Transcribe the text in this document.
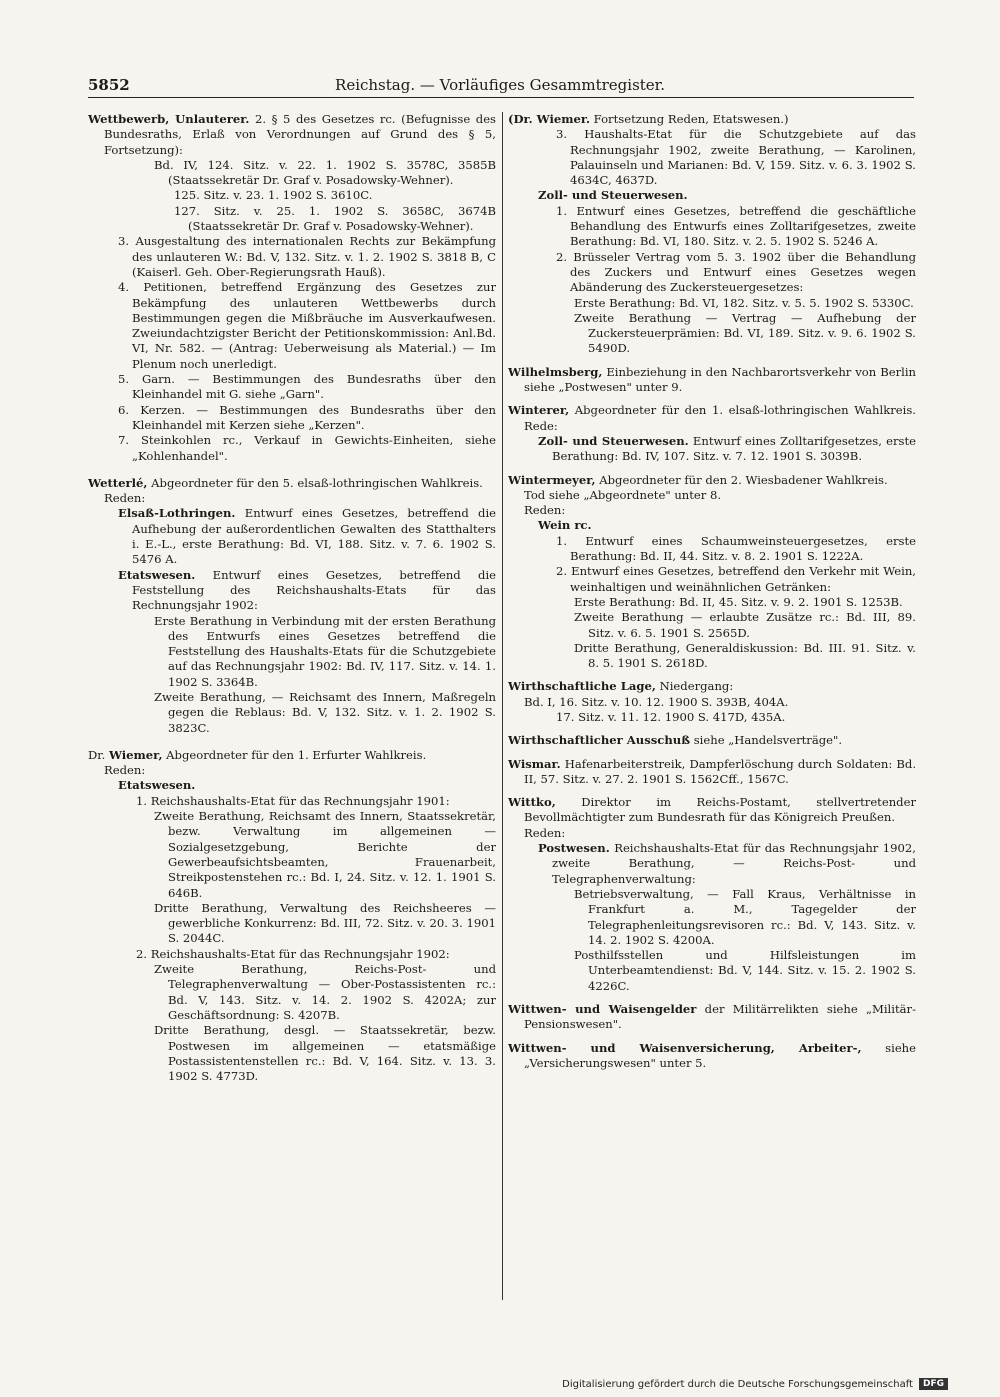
5852	Reichstag. — Vorläufiges Gesammtregister.
Wettbewerb, Unlauterer. 2. § 5 des Gesetzes rc. (Befugnisse des Bundesraths, Erlaß von Verordnungen auf Grund des § 5, Fortsetzung):

Bd. IV, 124. Sitz. v. 22. 1. 1902 S. 3578C, 3585B (Staatssekretär Dr. Graf v. Posadowsky-Wehner).

125. Sitz. v. 23. 1. 1902 S. 3610C.

127. Sitz. v. 25. 1. 1902 S. 3658C, 3674B (Staatssekretär Dr. Graf v. Posadowsky-Wehner).

3. Ausgestaltung des internationalen Rechts zur Bekämpfung des unlauteren W.: Bd. V, 132. Sitz. v. 1. 2. 1902 S. 3818 B, C (Kaiserl. Geh. Ober-Regierungsrath Hauß).

4. Petitionen, betreffend Ergänzung des Gesetzes zur Bekämpfung des unlauteren Wettbewerbs durch Bestimmungen gegen die Mißbräuche im Ausverkaufwesen. Zweiundachtzigster Bericht der Petitionskommission: Anl.Bd. VI, Nr. 582. — (Antrag: Ueberweisung als Material.) — Im Plenum noch unerledigt.

5. Garn. — Bestimmungen des Bundesraths über den Kleinhandel mit G. siehe „Garn".

6. Kerzen. — Bestimmungen des Bundesraths über den Kleinhandel mit Kerzen siehe „Kerzen".

7. Steinkohlen rc., Verkauf in Gewichts-Einheiten, siehe „Kohlenhandel".

Wetterlé, Abgeordneter für den 5. elsaß-lothringischen Wahlkreis.

Reden:

Elsaß-Lothringen. Entwurf eines Gesetzes, betreffend die Aufhebung der außerordentlichen Gewalten des Statthalters i. E.-L., erste Berathung: Bd. VI, 188. Sitz. v. 7. 6. 1902 S. 5476 A.

Etatswesen. Entwurf eines Gesetzes, betreffend die Feststellung des Reichshaushalts-Etats für das Rechnungsjahr 1902:

Erste Berathung in Verbindung mit der ersten Berathung des Entwurfs eines Gesetzes betreffend die Feststellung des Haushalts-Etats für die Schutzgebiete auf das Rechnungsjahr 1902: Bd. IV, 117. Sitz. v. 14. 1. 1902 S. 3364B.

Zweite Berathung, — Reichsamt des Innern, Maßregeln gegen die Reblaus: Bd. V, 132. Sitz. v. 1. 2. 1902 S. 3823C.

Dr. Wiemer, Abgeordneter für den 1. Erfurter Wahlkreis.

Reden:

Etatswesen.

1. Reichshaushalts-Etat für das Rechnungsjahr 1901:

Zweite Berathung, Reichsamt des Innern, Staatssekretär, bezw. Verwaltung im allgemeinen — Sozialgesetzgebung, Berichte der Gewerbeaufsichtsbeamten, Frauenarbeit, Streikpostenstehen rc.: Bd. I, 24. Sitz. v. 12. 1. 1901 S. 646B.

Dritte Berathung, Verwaltung des Reichsheeres — gewerbliche Konkurrenz: Bd. III, 72. Sitz. v. 20. 3. 1901 S. 2044C.

2. Reichshaushalts-Etat für das Rechnungsjahr 1902:

Zweite Berathung, Reichs-Post- und Telegraphenverwaltung — Ober-Postassistenten rc.: Bd. V, 143. Sitz. v. 14. 2. 1902 S. 4202A; zur Geschäftsordnung: S. 4207B.

Dritte Berathung, desgl. — Staatssekretär, bezw. Postwesen im allgemeinen — etatsmäßige Postassistentenstellen rc.: Bd. V, 164. Sitz. v. 13. 3. 1902 S. 4773D.

(Dr. Wiemer. Fortsetzung Reden, Etatswesen.)

3. Haushalts-Etat für die Schutzgebiete auf das Rechnungsjahr 1902, zweite Berathung, — Karolinen, Palauinseln und Marianen: Bd. V, 159. Sitz. v. 6. 3. 1902 S. 4634C, 4637D.

Zoll- und Steuerwesen.

1. Entwurf eines Gesetzes, betreffend die geschäftliche Behandlung des Entwurfs eines Zolltarifgesetzes, zweite Berathung: Bd. VI, 180. Sitz. v. 2. 5. 1902 S. 5246 A.

2. Brüsseler Vertrag vom 5. 3. 1902 über die Behandlung des Zuckers und Entwurf eines Gesetzes wegen Abänderung des Zuckersteuergesetzes:

Erste Berathung: Bd. VI, 182. Sitz. v. 5. 5. 1902 S. 5330C.

Zweite Berathung — Vertrag — Aufhebung der Zuckersteuerprämien: Bd. VI, 189. Sitz. v. 9. 6. 1902 S. 5490D.

Wilhelmsberg, Einbeziehung in den Nachbarortsverkehr von Berlin siehe „Postwesen" unter 9.
Winterer, Abgeordneter für den 1. elsaß-lothringischen Wahlkreis. Rede:

Zoll- und Steuerwesen. Entwurf eines Zolltarifgesetzes, erste Berathung: Bd. IV, 107. Sitz. v. 7. 12. 1901 S. 3039B.

Wintermeyer, Abgeordneter für den 2. Wiesbadener Wahlkreis.

Tod siehe „Abgeordnete" unter 8.

Reden:

Wein rc.

1. Entwurf eines Schaumweinsteuergesetzes, erste Berathung: Bd. II, 44. Sitz. v. 8. 2. 1901 S. 1222A.

2. Entwurf eines Gesetzes, betreffend den Verkehr mit Wein, weinhaltigen und weinähnlichen Getränken:

Erste Berathung: Bd. II, 45. Sitz. v. 9. 2. 1901 S. 1253B.

Zweite Berathung — erlaubte Zusätze rc.: Bd. III, 89. Sitz. v. 6. 5. 1901 S. 2565D.

Dritte Berathung, Generaldiskussion: Bd. III. 91. Sitz. v. 8. 5. 1901 S. 2618D.

Wirthschaftliche Lage, Niedergang:

Bd. I, 16. Sitz. v. 10. 12. 1900 S. 393B, 404A.

17. Sitz. v. 11. 12. 1900 S. 417D, 435A.

Wirthschaftlicher Ausschuß siehe „Handelsverträge".
Wismar. Hafenarbeiterstreik, Dampferlöschung durch Soldaten: Bd. II, 57. Sitz. v. 27. 2. 1901 S. 1562Cff., 1567C.
Wittko, Direktor im Reichs-Postamt, stellvertretender Bevollmächtigter zum Bundesrath für das Königreich Preußen.

Reden:

Postwesen. Reichshaushalts-Etat für das Rechnungsjahr 1902, zweite Berathung, — Reichs-Post- und Telegraphenverwaltung:

Betriebsverwaltung, — Fall Kraus, Verhältnisse in Frankfurt a. M., Tagegelder der Telegraphenleitungsrevisoren rc.: Bd. V, 143. Sitz. v. 14. 2. 1902 S. 4200A.

Posthilfsstellen und Hilfsleistungen im Unterbeamtendienst: Bd. V, 144. Sitz. v. 15. 2. 1902 S. 4226C.

Wittwen- und Waisengelder der Militärrelikten siehe „Militär-Pensionswesen".
Wittwen- und Waisenversicherung, Arbeiter-, siehe „Versicherungswesen" unter 5.
Digitalisierung gefördert durch die Deutsche Forschungsgemeinschaft	DFG
